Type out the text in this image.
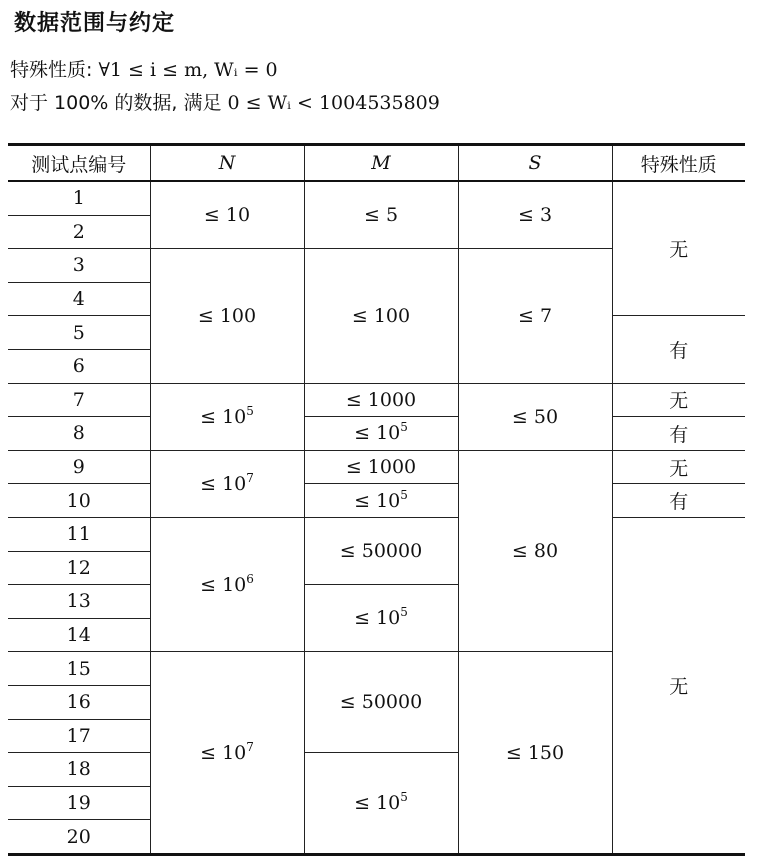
数据范围与约定
特殊性质: ∀1 ≤ i ≤ m, Wᵢ = 0
对于 100% 的数据, 满足 0 ≤ Wᵢ < 1004535809
测试点编号	N	M	S	特殊性质
1	≤ 10	≤ 5	≤ 3	无
2				
3	≤ 100	≤ 100	≤ 7	
4				
5				有
6				
7	≤ $10^5$	≤ 1000	≤ 50	无
8		≤ $10^5$		有
9	≤ $10^7$	≤ 1000	≤ 80	无
10		≤ $10^5$		有
11	≤ $10^6$	≤ 50000		无
12				
13		≤ $10^5$
14				
15	≤ $10^7$	≤ 50000	≤ 150	
16				
17				
18		≤ $10^5$
19				
20				
